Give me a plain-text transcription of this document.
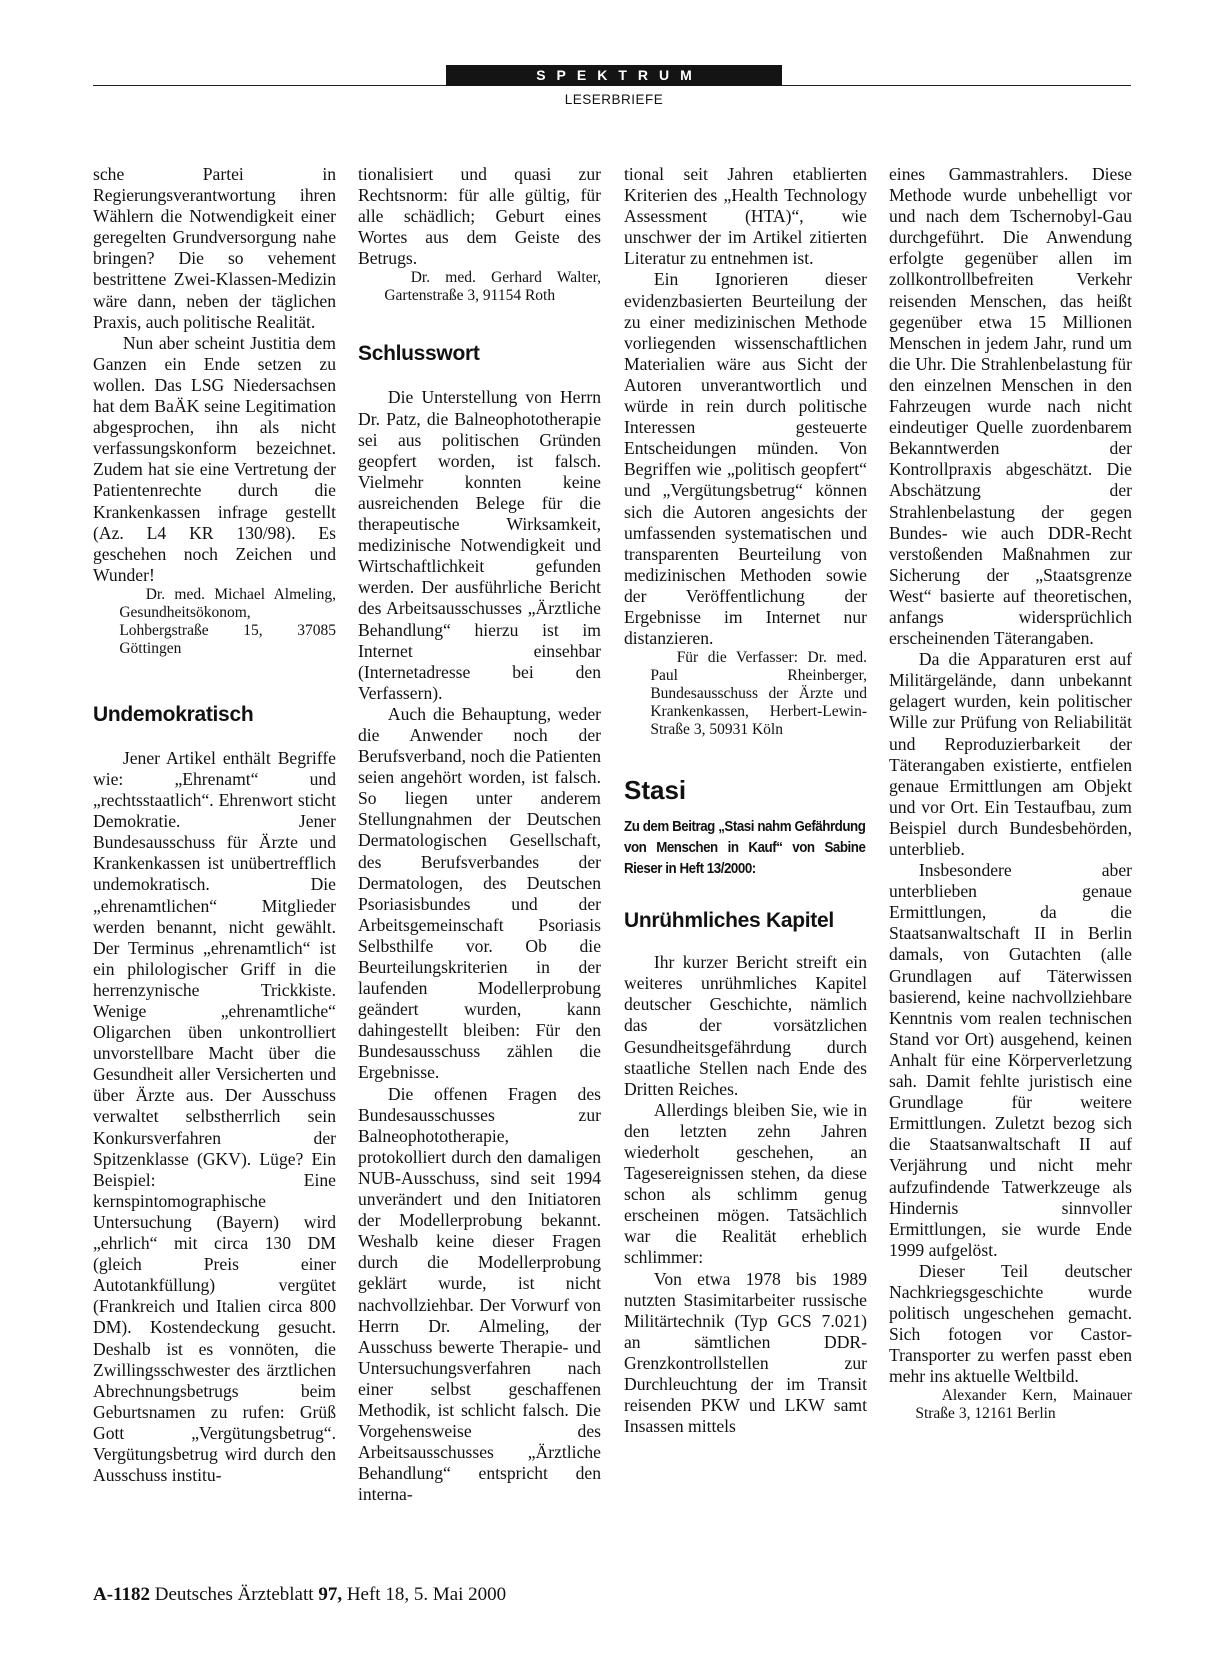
SPEKTRUM
LESERBRIEFE

sche Partei in Regierungsverantwortung ihren Wählern die Notwendigkeit einer geregelten Grundversorgung nahe bringen? Die so vehement bestrittene Zwei-Klassen-Medizin wäre dann, neben der täglichen Praxis, auch politische Realität.

Nun aber scheint Justitia dem Ganzen ein Ende setzen zu wollen. Das LSG Niedersachsen hat dem BaÄK seine Legitimation abgesprochen, ihn als nicht verfassungskonform bezeichnet. Zudem hat sie eine Vertretung der Patientenrechte durch die Krankenkassen infrage gestellt (Az. L4 KR 130/98). Es geschehen noch Zeichen und Wunder!

Dr. med. Michael Almeling, Gesundheitsökonom, Lohbergstraße 15, 37085 Göttingen

Undemokratisch

Jener Artikel enthält Begriffe wie: „Ehrenamt“ und „rechtsstaatlich“. Ehrenwort sticht Demokratie. Jener Bundesausschuss für Ärzte und Krankenkassen ist unübertrefflich undemokratisch. Die „ehrenamtlichen“ Mitglieder werden benannt, nicht gewählt. Der Terminus „ehrenamtlich“ ist ein philologischer Griff in die herrenzynische Trickkiste. Wenige „ehrenamtliche“ Oligarchen üben unkontrolliert unvorstellbare Macht über die Gesundheit aller Versicherten und über Ärzte aus. Der Ausschuss verwaltet selbstherrlich sein Konkursverfahren der Spitzenklasse (GKV). Lüge? Ein Beispiel: Eine kernspintomographische Untersuchung (Bayern) wird „ehrlich“ mit circa 130 DM (gleich Preis einer Autotankfüllung) vergütet (Frankreich und Italien circa 800 DM). Kostendeckung gesucht. Deshalb ist es vonnöten, die Zwillingsschwester des ärztlichen Abrechnungsbetrugs beim Geburtsnamen zu rufen: Grüß Gott „Vergütungsbetrug“. Vergütungsbetrug wird durch den Ausschuss institu-

tionalisiert und quasi zur Rechtsnorm: für alle gültig, für alle schädlich; Geburt eines Wortes aus dem Geiste des Betrugs.

Dr. med. Gerhard Walter, Gartenstraße 3, 91154 Roth

Schlusswort

Die Unterstellung von Herrn Dr. Patz, die Balneophototherapie sei aus politischen Gründen geopfert worden, ist falsch. Vielmehr konnten keine ausreichenden Belege für die therapeutische Wirksamkeit, medizinische Notwendigkeit und Wirtschaftlichkeit gefunden werden. Der ausführliche Bericht des Arbeitsausschusses „Ärztliche Behandlung“ hierzu ist im Internet einsehbar (Internetadresse bei den Verfassern).

Auch die Behauptung, weder die Anwender noch der Berufsverband, noch die Patienten seien angehört worden, ist falsch. So liegen unter anderem Stellungnahmen der Deutschen Dermatologischen Gesellschaft, des Berufsverbandes der Dermatologen, des Deutschen Psoriasisbundes und der Arbeitsgemeinschaft Psoriasis Selbsthilfe vor. Ob die Beurteilungskriterien in der laufenden Modellerprobung geändert wurden, kann dahingestellt bleiben: Für den Bundesausschuss zählen die Ergebnisse.

Die offenen Fragen des Bundesausschusses zur Balneophototherapie, protokolliert durch den damaligen NUB-Ausschuss, sind seit 1994 unverändert und den Initiatoren der Modellerprobung bekannt. Weshalb keine dieser Fragen durch die Modellerprobung geklärt wurde, ist nicht nachvollziehbar. Der Vorwurf von Herrn Dr. Almeling, der Ausschuss bewerte Therapie- und Untersuchungsverfahren nach einer selbst geschaffenen Methodik, ist schlicht falsch. Die Vorgehensweise des Arbeitsausschusses „Ärztliche Behandlung“ entspricht den interna-

tional seit Jahren etablierten Kriterien des „Health Technology Assessment (HTA)“, wie unschwer der im Artikel zitierten Literatur zu entnehmen ist.

Ein Ignorieren dieser evidenzbasierten Beurteilung der zu einer medizinischen Methode vorliegenden wissenschaftlichen Materialien wäre aus Sicht der Autoren unverantwortlich und würde in rein durch politische Interessen gesteuerte Entscheidungen münden. Von Begriffen wie „politisch geopfert“ und „Vergütungsbetrug“ können sich die Autoren angesichts der umfassenden systematischen und transparenten Beurteilung von medizinischen Methoden sowie der Veröffentlichung der Ergebnisse im Internet nur distanzieren.

Für die Verfasser: Dr. med. Paul Rheinberger, Bundesausschuss der Ärzte und Krankenkassen, Herbert-Lewin-Straße 3, 50931 Köln

Stasi
Zu dem Beitrag „Stasi nahm Gefährdung von Menschen in Kauf“ von Sabine Rieser in Heft 13/2000:
Unrühmliches Kapitel

Ihr kurzer Bericht streift ein weiteres unrühmliches Kapitel deutscher Geschichte, nämlich das der vorsätzlichen Gesundheitsgefährdung durch staatliche Stellen nach Ende des Dritten Reiches.

Allerdings bleiben Sie, wie in den letzten zehn Jahren wiederholt geschehen, an Tagesereignissen stehen, da diese schon als schlimm genug erscheinen mögen. Tatsächlich war die Realität erheblich schlimmer:

Von etwa 1978 bis 1989 nutzten Stasimitarbeiter russische Militärtechnik (Typ GCS 7.021) an sämtlichen DDR-Grenzkontrollstellen zur Durchleuchtung der im Transit reisenden PKW und LKW samt Insassen mittels

eines Gammastrahlers. Diese Methode wurde unbehelligt vor und nach dem Tschernobyl-Gau durchgeführt. Die Anwendung erfolgte gegenüber allen im zollkontrollbefreiten Verkehr reisenden Menschen, das heißt gegenüber etwa 15 Millionen Menschen in jedem Jahr, rund um die Uhr. Die Strahlenbelastung für den einzelnen Menschen in den Fahrzeugen wurde nach nicht eindeutiger Quelle zuordenbarem Bekanntwerden der Kontrollpraxis abgeschätzt. Die Abschätzung der Strahlenbelastung der gegen Bundes- wie auch DDR-Recht verstoßenden Maßnahmen zur Sicherung der „Staatsgrenze West“ basierte auf theoretischen, anfangs widersprüchlich erscheinenden Täterangaben.

Da die Apparaturen erst auf Militärgelände, dann unbekannt gelagert wurden, kein politischer Wille zur Prüfung von Reliabilität und Reproduzierbarkeit der Täterangaben existierte, entfielen genaue Ermittlungen am Objekt und vor Ort. Ein Testaufbau, zum Beispiel durch Bundesbehörden, unterblieb.

Insbesondere aber unterblieben genaue Ermittlungen, da die Staatsanwaltschaft II in Berlin damals, von Gutachten (alle Grundlagen auf Täterwissen basierend, keine nachvollziehbare Kenntnis vom realen technischen Stand vor Ort) ausgehend, keinen Anhalt für eine Körperverletzung sah. Damit fehlte juristisch eine Grundlage für weitere Ermittlungen. Zuletzt bezog sich die Staatsanwaltschaft II auf Verjährung und nicht mehr aufzufindende Tatwerkzeuge als Hindernis sinnvoller Ermittlungen, sie wurde Ende 1999 aufgelöst.

Dieser Teil deutscher Nachkriegsgeschichte wurde politisch ungeschehen gemacht. Sich fotogen vor Castor-Transporter zu werfen passt eben mehr ins aktuelle Weltbild.

Alexander Kern, Mainauer Straße 3, 12161 Berlin

A-1182 Deutsches Ärzteblatt 97, Heft 18, 5. Mai 2000
